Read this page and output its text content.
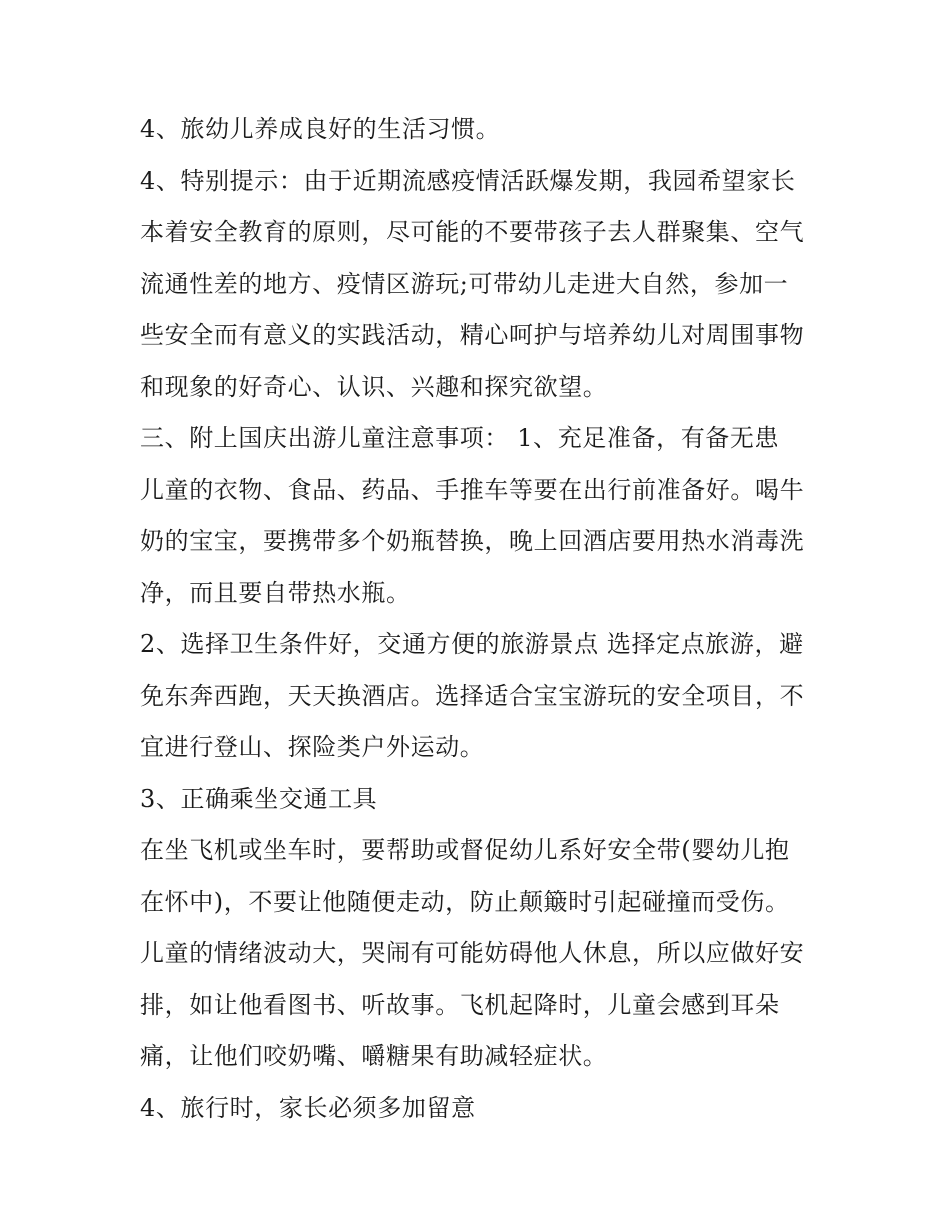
4、旅幼儿养成良好的生活习惯。
4、特别提示：由于近期流感疫情活跃爆发期，我园希望家长
本着安全教育的原则，尽可能的不要带孩子去人群聚集、空气
流通性差的地方、疫情区游玩;可带幼儿走进大自然，参加一
些安全而有意义的实践活动，精心呵护与培养幼儿对周围事物
和现象的好奇心、认识、兴趣和探究欲望。
三、附上国庆出游儿童注意事项： 1、充足准备，有备无患
儿童的衣物、食品、药品、手推车等要在出行前准备好。喝牛
奶的宝宝，要携带多个奶瓶替换，晚上回酒店要用热水消毒洗
净，而且要自带热水瓶。
2、选择卫生条件好，交通方便的旅游景点 选择定点旅游，避
免东奔西跑，天天换酒店。选择适合宝宝游玩的安全项目，不
宜进行登山、探险类户外运动。
3、正确乘坐交通工具
在坐飞机或坐车时，要帮助或督促幼儿系好安全带(婴幼儿抱
在怀中)，不要让他随便走动，防止颠簸时引起碰撞而受伤。
儿童的情绪波动大，哭闹有可能妨碍他人休息，所以应做好安
排，如让他看图书、听故事。飞机起降时，儿童会感到耳朵
痛，让他们咬奶嘴、嚼糖果有助减轻症状。
4、旅行时，家长必须多加留意
